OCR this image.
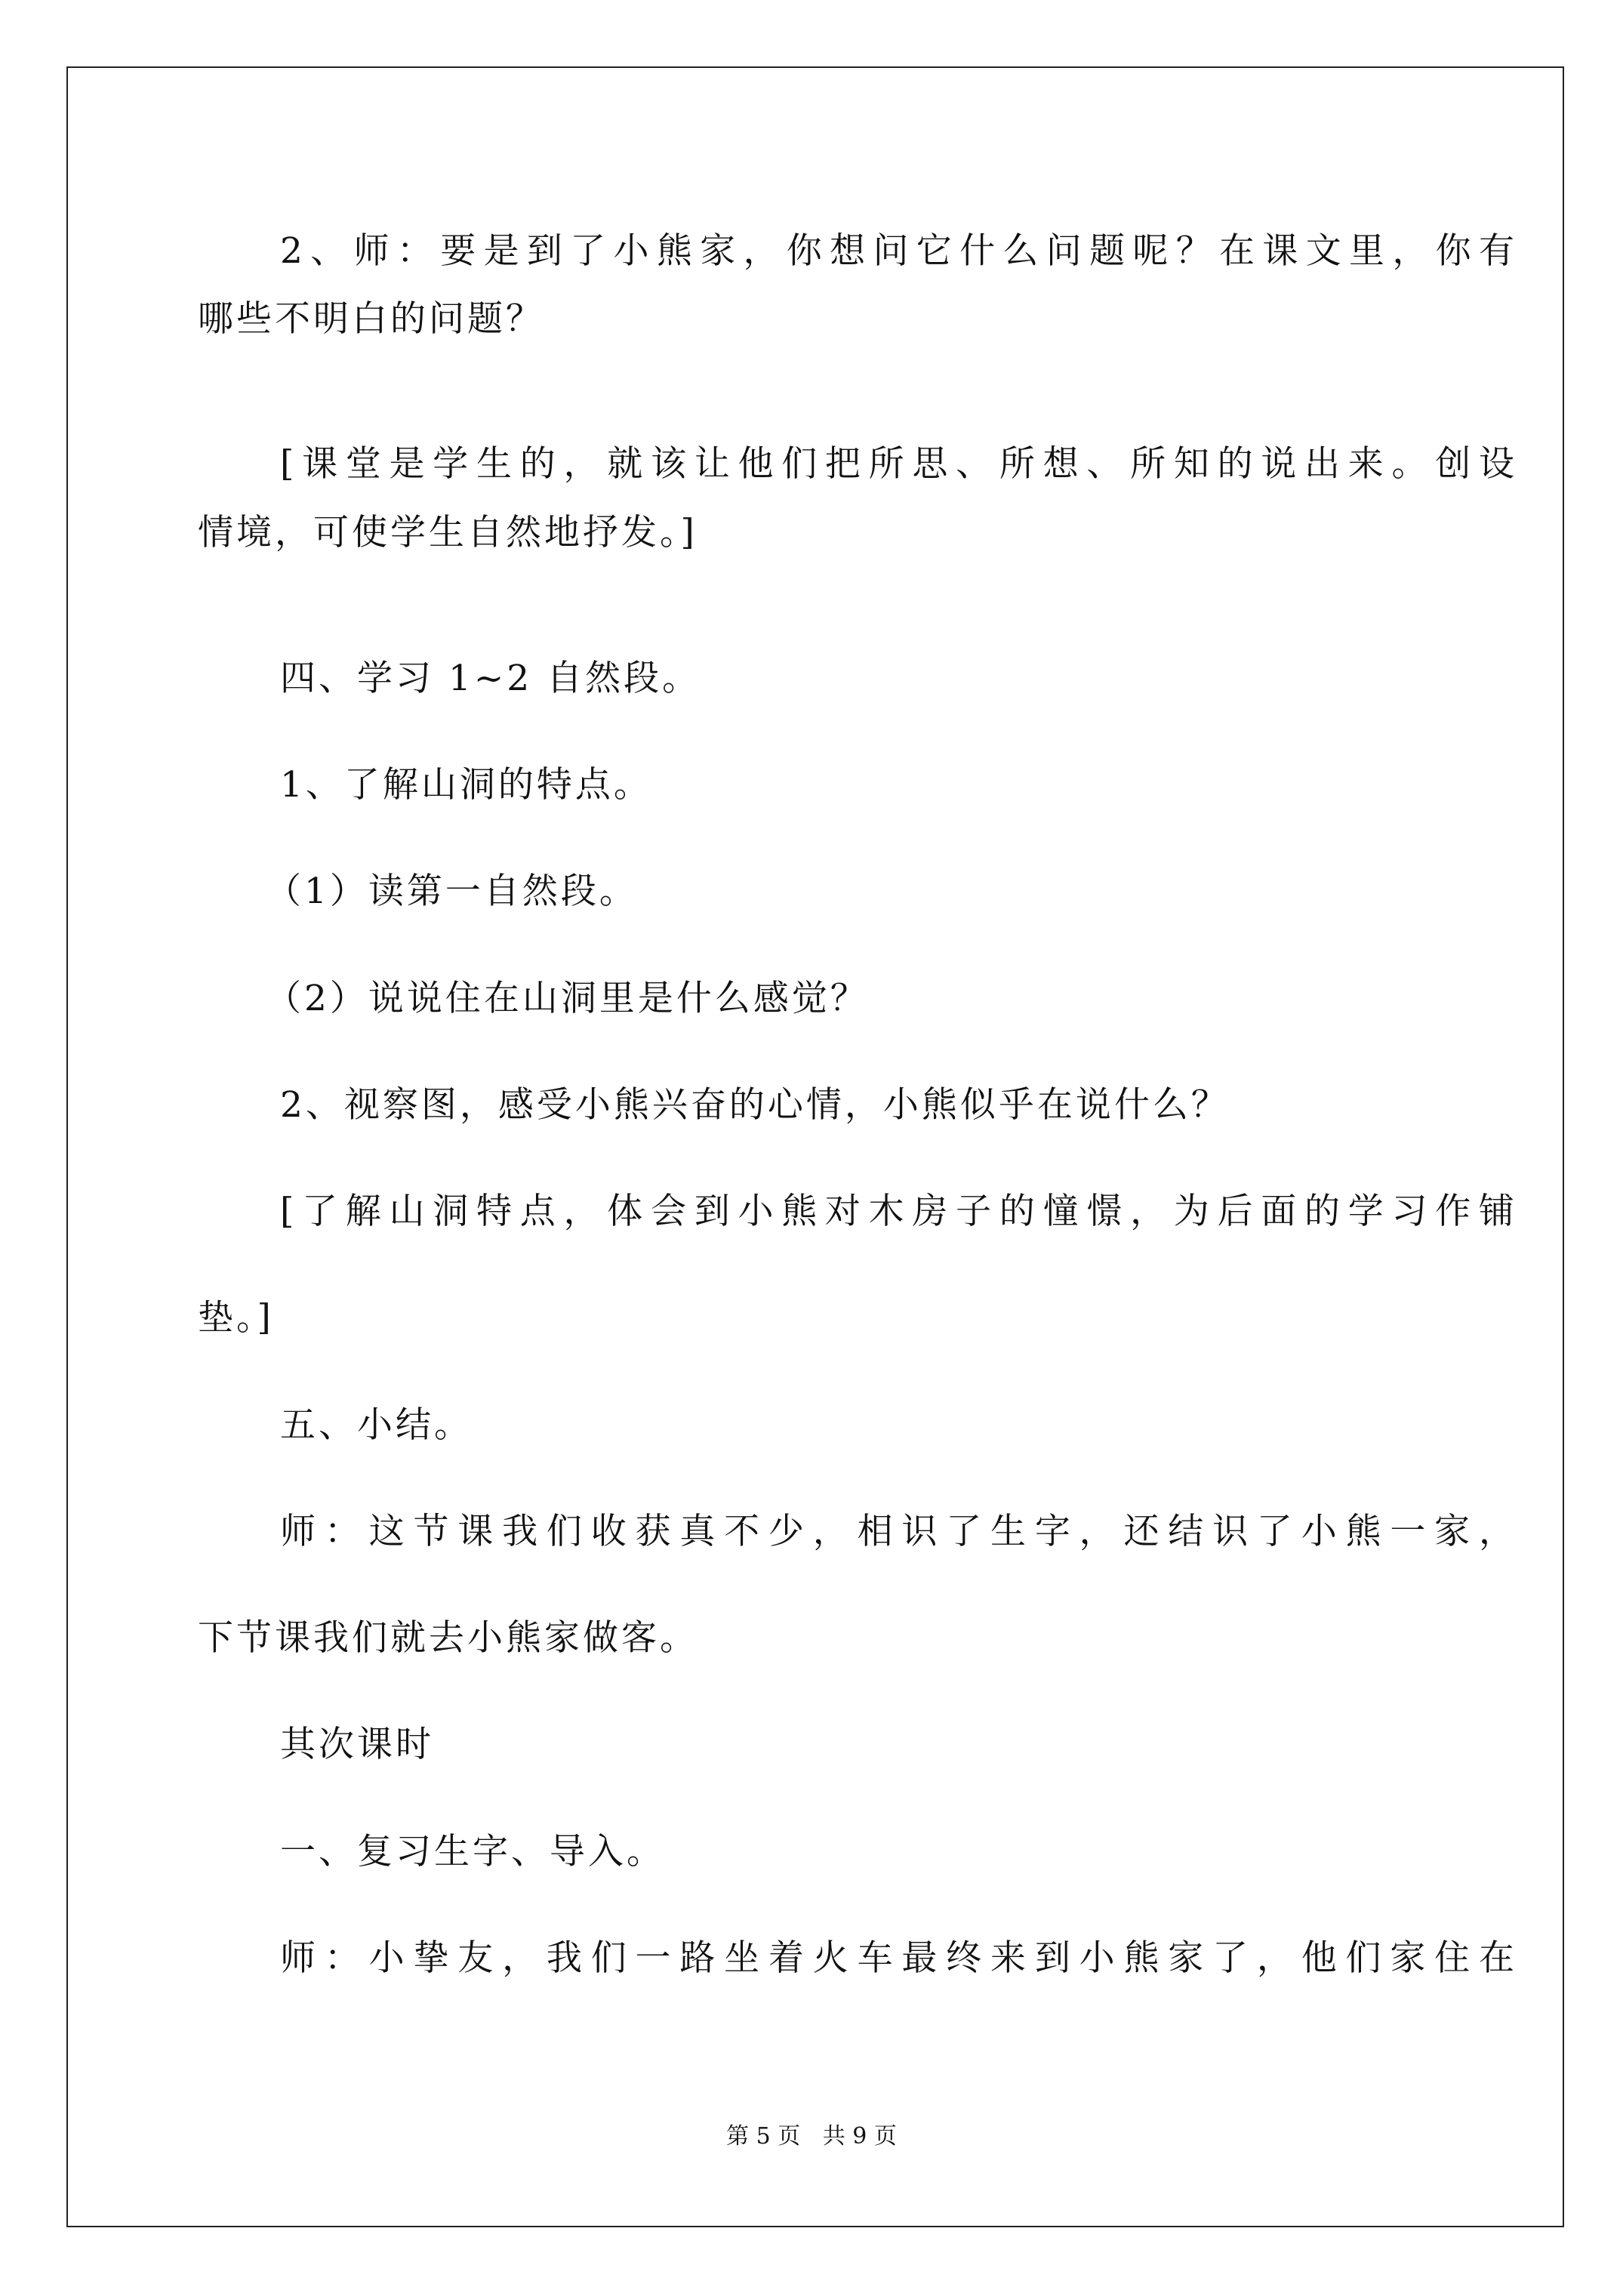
2、师：要是到了小熊家，你想问它什么问题呢？在课文里，你有
哪些不明白的问题？
[课堂是学生的，就该让他们把所思、所想、所知的说出来。创设
情境，可使学生自然地抒发。]
四、学习 1~2 自然段。
1、了解山洞的特点。
（1）读第一自然段。
（2）说说住在山洞里是什么感觉？
2、视察图，感受小熊兴奋的心情，小熊似乎在说什么？
[了解山洞特点，体会到小熊对木房子的憧憬，为后面的学习作铺
垫。]
五、小结。
师：这节课我们收获真不少，相识了生字，还结识了小熊一家，
下节课我们就去小熊家做客。
其次课时
一、复习生字、导入。
师：小挚友，我们一路坐着火车最终来到小熊家了，他们家住在
第 5 页 共 9 页
